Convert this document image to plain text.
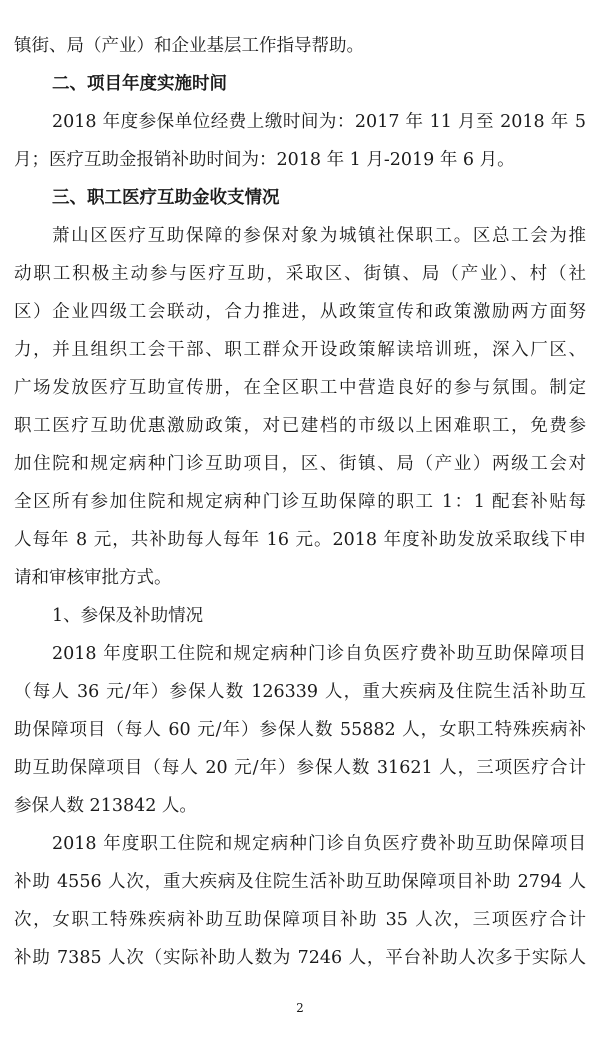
镇街、局（产业）和企业基层工作指导帮助。
二、项目年度实施时间
2018 年度参保单位经费上缴时间为：2017 年 11 月至 2018 年 5
月；医疗互助金报销补助时间为：2018 年 1 月-2019 年 6 月。
三、职工医疗互助金收支情况
萧山区医疗互助保障的参保对象为城镇社保职工。区总工会为推
动职工积极主动参与医疗互助，采取区、街镇、局（产业）、村（社
区）企业四级工会联动，合力推进，从政策宣传和政策激励两方面努
力，并且组织工会干部、职工群众开设政策解读培训班，深入厂区、
广场发放医疗互助宣传册，在全区职工中营造良好的参与氛围。制定
职工医疗互助优惠激励政策，对已建档的市级以上困难职工，免费参
加住院和规定病种门诊互助项目，区、街镇、局（产业）两级工会对
全区所有参加住院和规定病种门诊互助保障的职工 1：1 配套补贴每
人每年 8 元，共补助每人每年 16 元。2018 年度补助发放采取线下申
请和审核审批方式。
1、参保及补助情况
2018 年度职工住院和规定病种门诊自负医疗费补助互助保障项目
（每人 36 元/年）参保人数 126339 人，重大疾病及住院生活补助互
助保障项目（每人 60 元/年）参保人数 55882 人，女职工特殊疾病补
助互助保障项目（每人 20 元/年）参保人数 31621 人，三项医疗合计
参保人数 213842 人。
2018 年度职工住院和规定病种门诊自负医疗费补助互助保障项目
补助 4556 人次，重大疾病及住院生活补助互助保障项目补助 2794 人
次，女职工特殊疾病补助互助保障项目补助 35 人次，三项医疗合计
补助 7385 人次（实际补助人数为 7246 人，平台补助人次多于实际人
2
